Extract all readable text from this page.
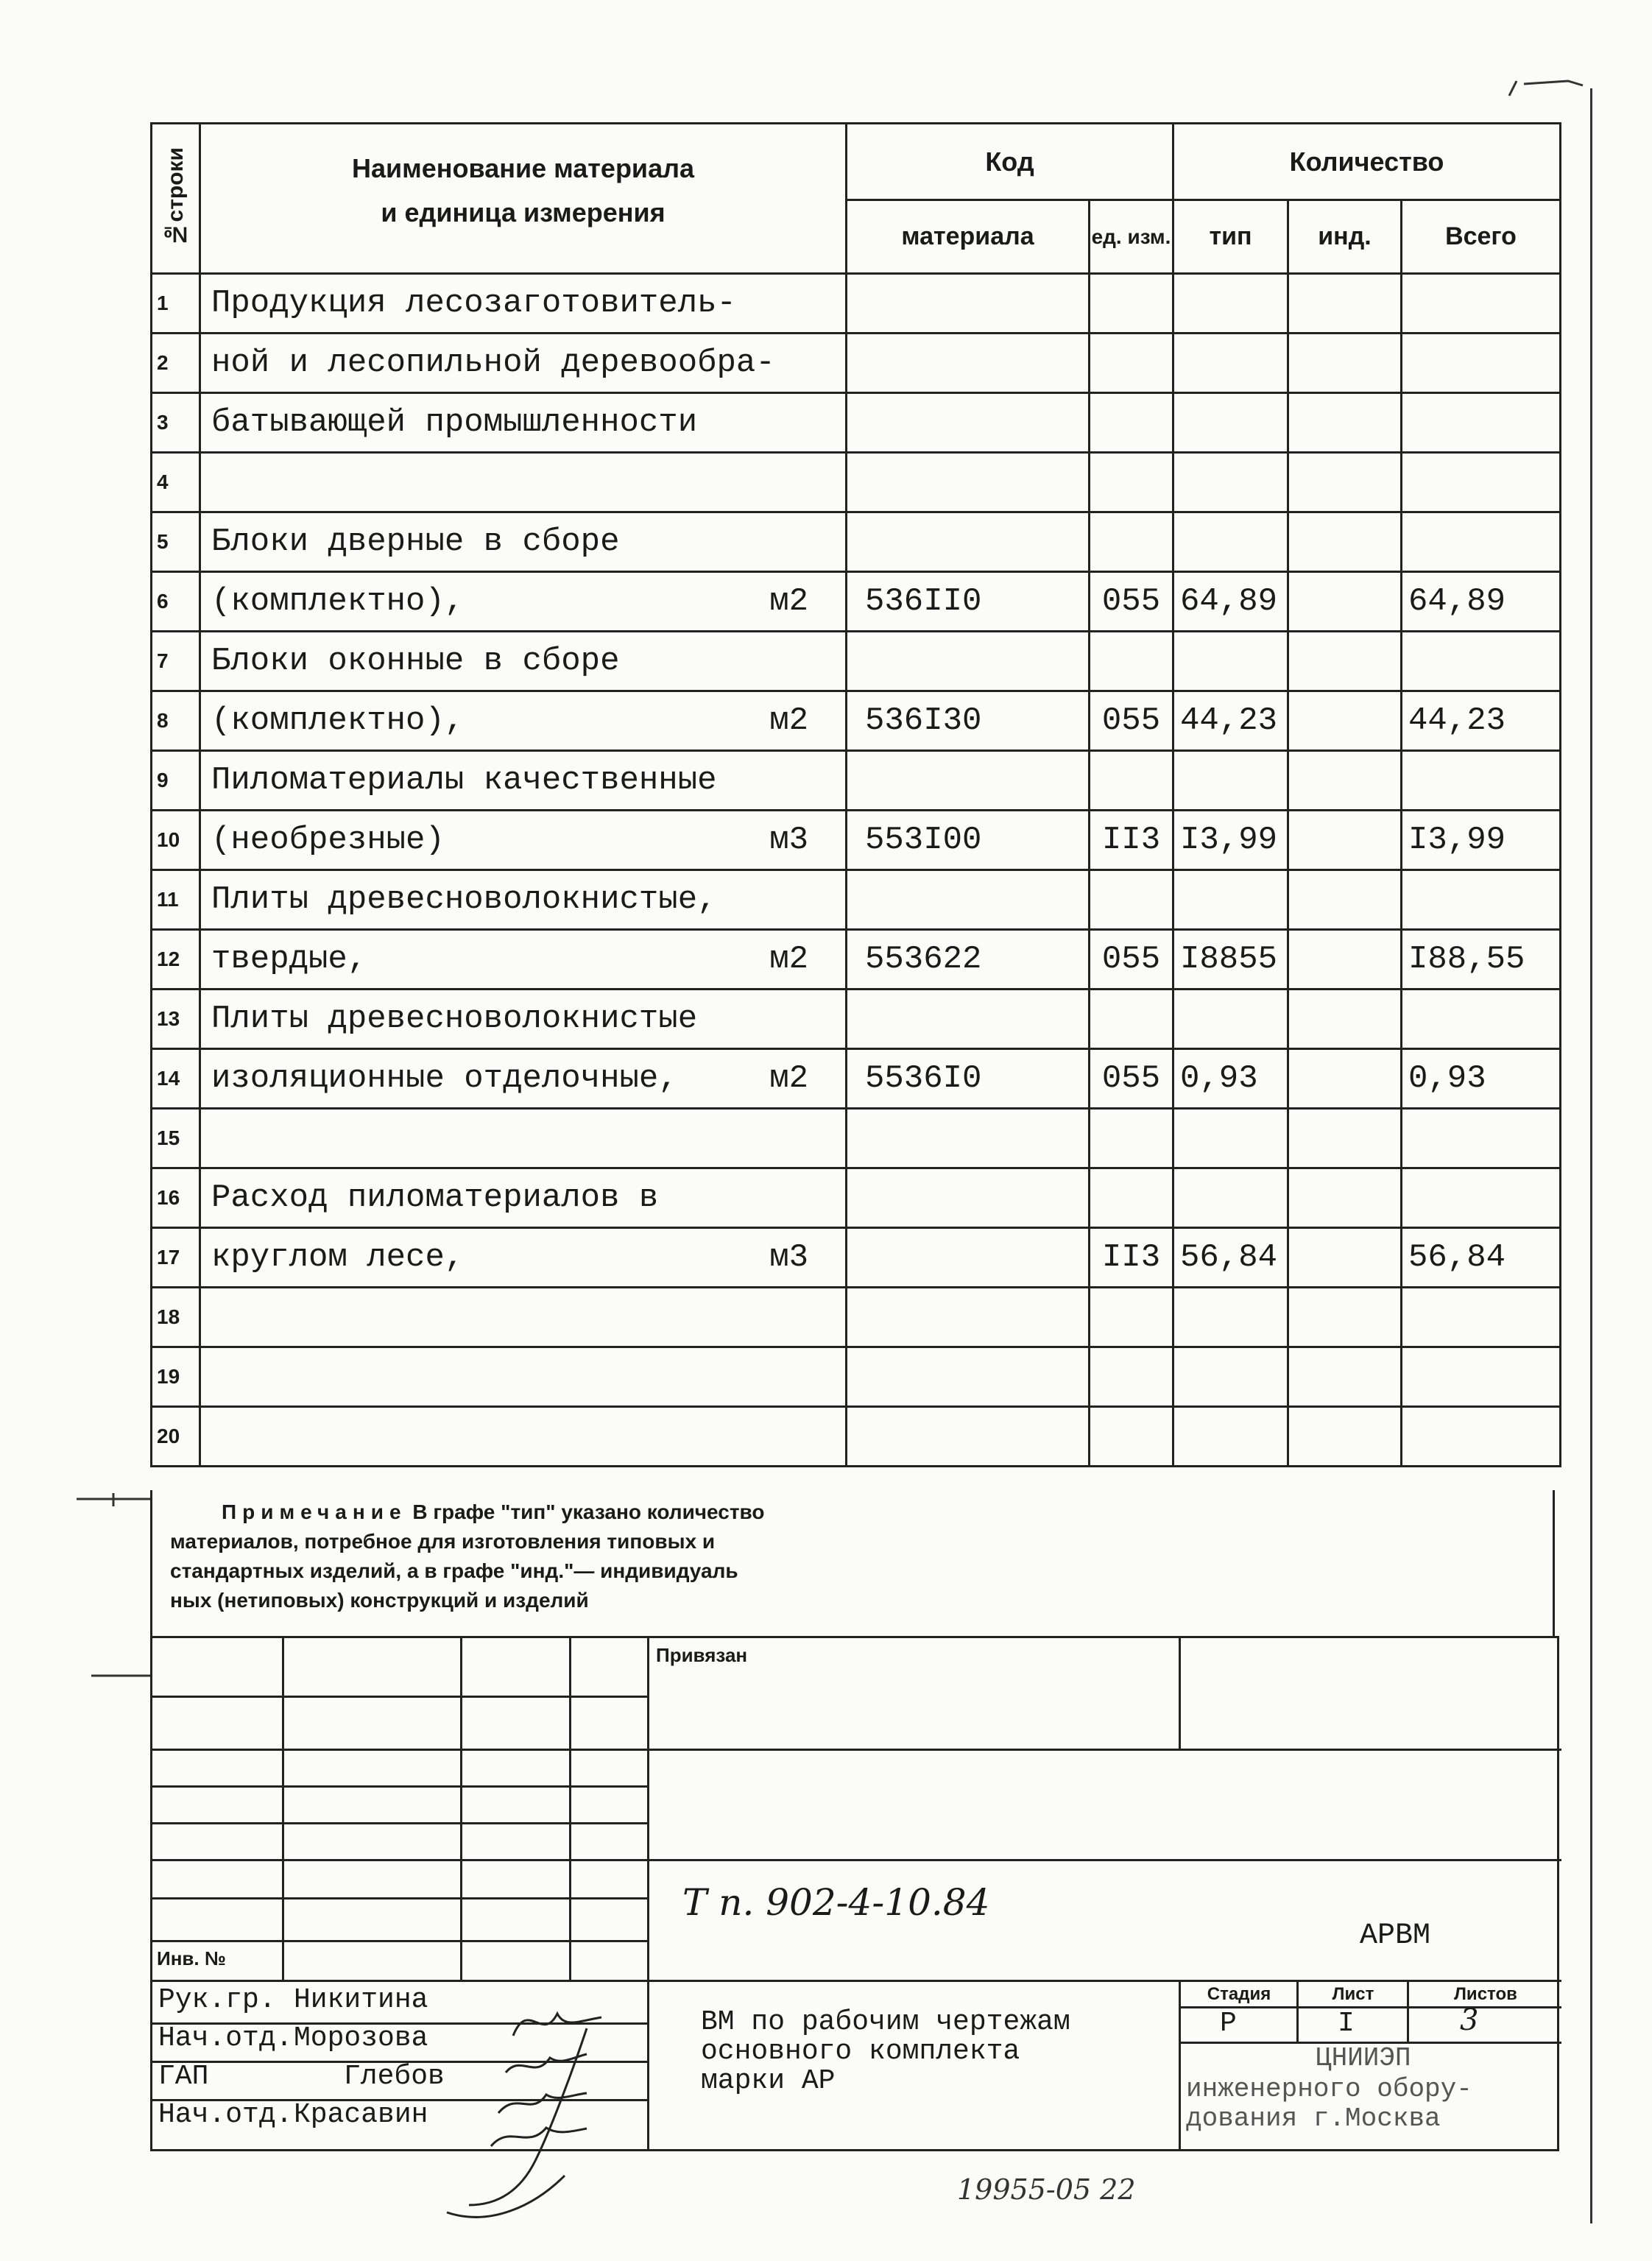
№строки	Наименование материала
и единица измерения	Код		Количество		
		материала	ед. изм.	тип	инд.	Всего
1	Продукция лесозаготовитель-

2	ной и лесопильной деревообра-

3	батывающей промышленности

4	

5	Блоки дверные в сборе

6	(комплектно), м2	536II0	055	64,89		64,89
7	Блоки оконные в сборе

8	(комплектно), м2	536I30	055	44,23		44,23
9	Пиломатериалы качественные

10	(необрезные) м3	553I00	II3	I3,99		I3,99
11	Плиты древесноволокнистые,

12	твердые, м2	553622	055	I8855		I88,55
13	Плиты древесноволокнистые

14	изоляционные отделочные, м2	5536I0	055	0,93		0,93
15	

16	Расход пиломатериалов в

17	круглом лесе, м3		II3	56,84		56,84
18	

19	

20	

Примечание В графе "тип" указано количество
материалов, потребное для изготовления типовых и
стандартных изделий, а в графе "инд."— индивидуаль
ных (нетиповых) конструкций и изделий
Привязан
Инв. №
Т п. 902-4-10.84
АРВМ
Стадия	Лист	Листов
Р	I	3
Рук.гр. Никитина
Нач.отд. Морозова
ГАП	Глебов
Нач.отд. Красавин
ВМ по рабочим чертежам
основного комплекта
марки АР
ЦНИИЭП
инженерного обору-
дования г.Москва
19955-05 22
